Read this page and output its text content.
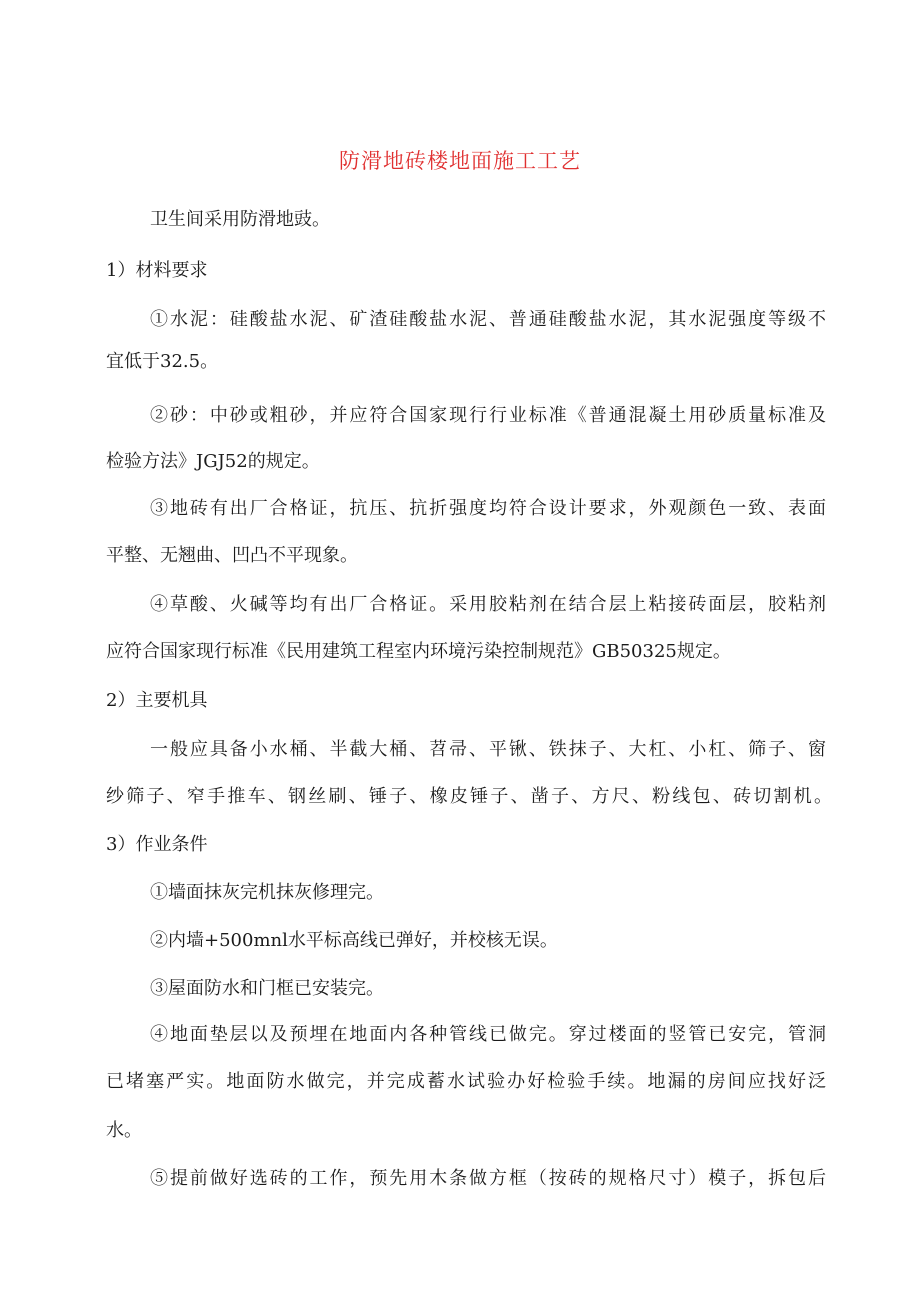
防滑地砖楼地面施工工艺
卫生间采用防滑地豉。
1）材料要求
①水泥：硅酸盐水泥、矿渣硅酸盐水泥、普通硅酸盐水泥，其水泥强度等级不
宜低于32.5。
②砂：中砂或粗砂，并应符合国家现行行业标准《普通混凝土用砂质量标准及
检验方法》JGJ52的规定。
③地砖有出厂合格证，抗压、抗折强度均符合设计要求，外观颜色一致、表面
平整、无翘曲、凹凸不平现象。
④草酸、火碱等均有出厂合格证。采用胶粘剂在结合层上粘接砖面层，胶粘剂
应符合国家现行标准《民用建筑工程室内环境污染控制规范》GB50325规定。
2）主要机具
一般应具备小水桶、半截大桶、苕帚、平锹、铁抹子、大杠、小杠、筛子、窗
纱筛子、窄手推车、钢丝刷、锤子、橡皮锤子、凿子、方尺、粉线包、砖切割机。
3）作业条件
①墙面抹灰完机抹灰修理完。
②内墙+500mnl水平标高线已弹好，并校核无误。
③屋面防水和门框已安装完。
④地面垫层以及预埋在地面内各种管线已做完。穿过楼面的竖管已安完，管洞
已堵塞严实。地面防水做完，并完成蓄水试验办好检验手续。地漏的房间应找好泛
水。
⑤提前做好选砖的工作，预先用木条做方框（按砖的规格尺寸）模子，拆包后
